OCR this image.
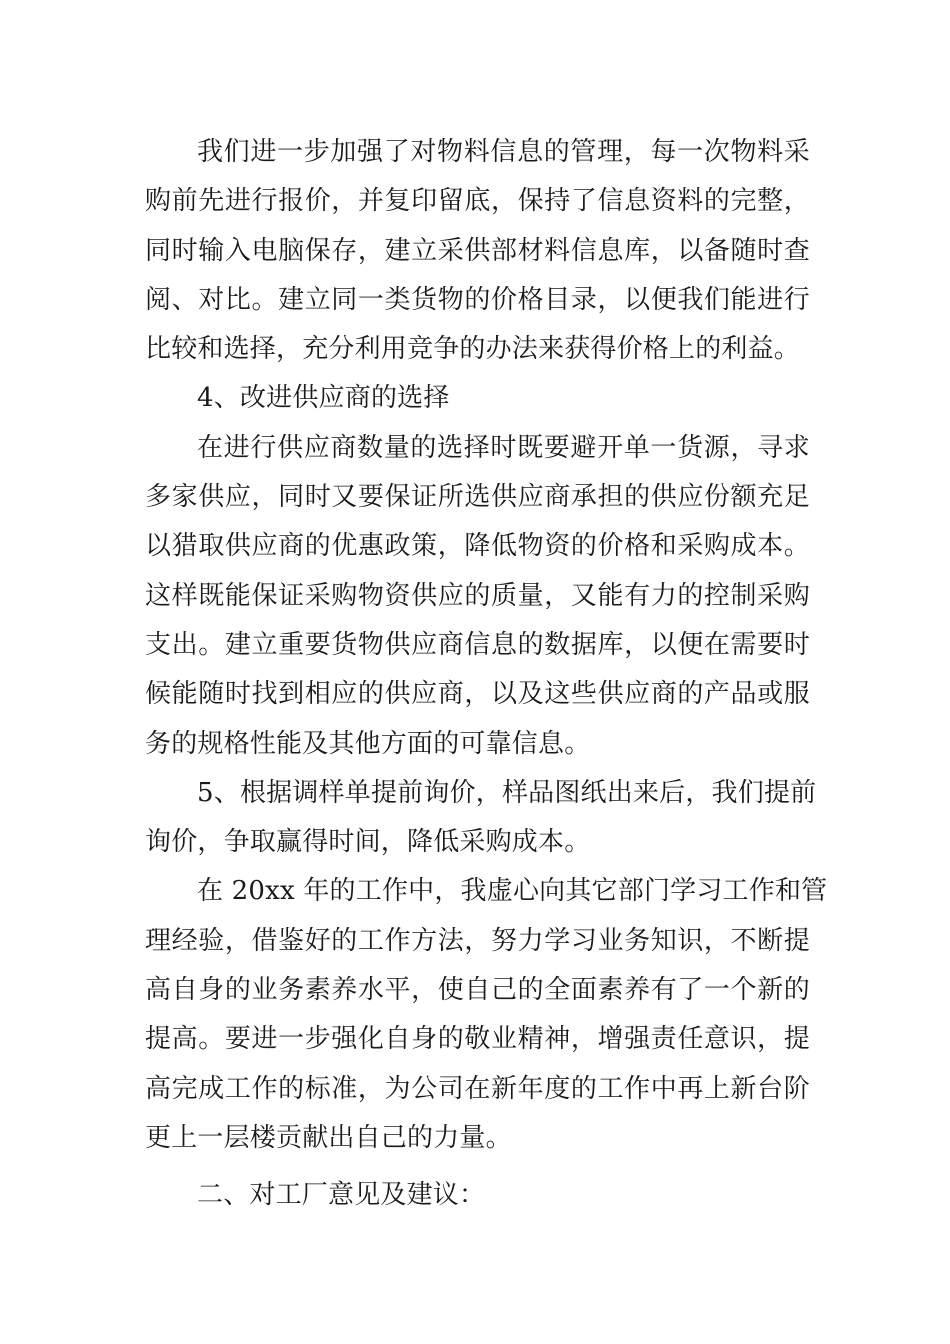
我们进一步加强了对物料信息的管理，每一次物料采
购前先进行报价，并复印留底，保持了信息资料的完整，
同时输入电脑保存，建立采供部材料信息库，以备随时查
阅、对比。建立同一类货物的价格目录，以便我们能进行
比较和选择，充分利用竞争的办法来获得价格上的利益。
4、改进供应商的选择
在进行供应商数量的选择时既要避开单一货源，寻求
多家供应，同时又要保证所选供应商承担的供应份额充足
以猎取供应商的优惠政策，降低物资的价格和采购成本。
这样既能保证采购物资供应的质量，又能有力的控制采购
支出。建立重要货物供应商信息的数据库，以便在需要时
候能随时找到相应的供应商，以及这些供应商的产品或服
务的规格性能及其他方面的可靠信息。
5、根据调样单提前询价，样品图纸出来后，我们提前
询价，争取赢得时间，降低采购成本。
在 20xx 年的工作中，我虚心向其它部门学习工作和管
理经验，借鉴好的工作方法，努力学习业务知识，不断提
高自身的业务素养水平，使自己的全面素养有了一个新的
提高。要进一步强化自身的敬业精神，增强责任意识，提
高完成工作的标准，为公司在新年度的工作中再上新台阶
更上一层楼贡献出自己的力量。
二、对工厂意见及建议：
